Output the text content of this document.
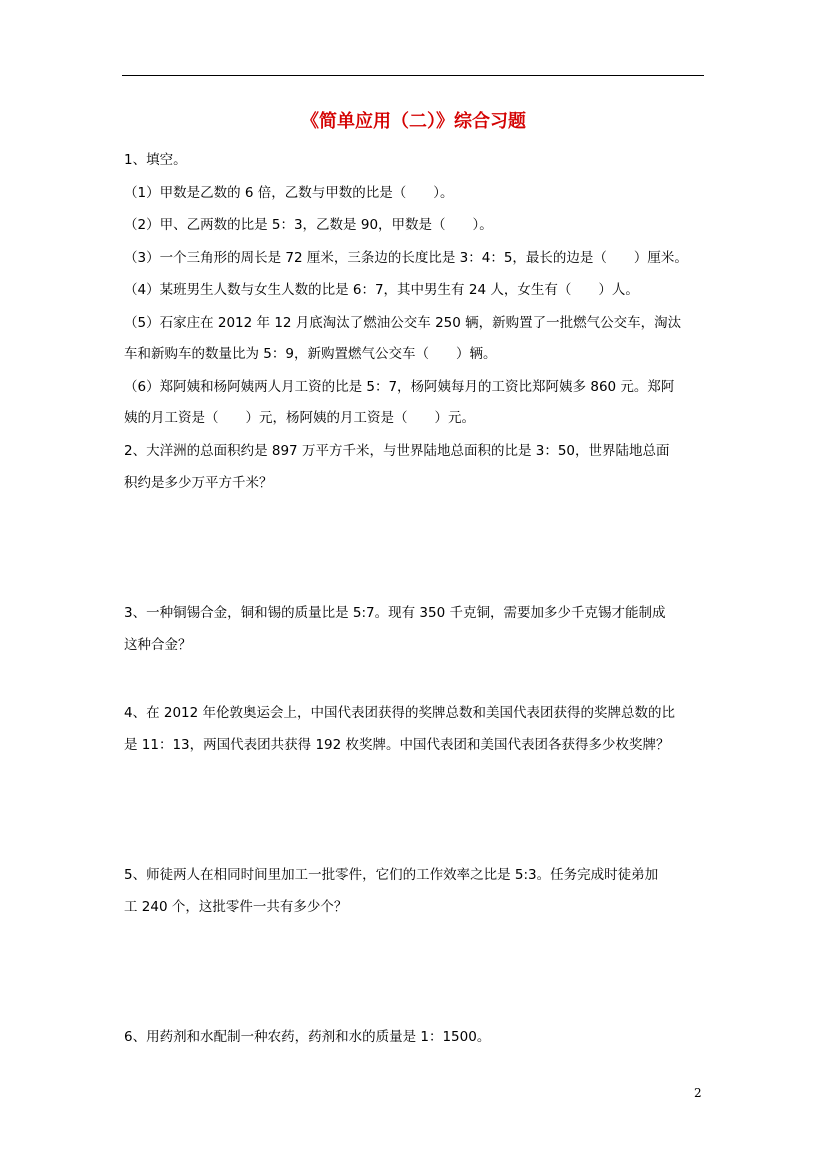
《简单应用（二）》综合习题
1、填空。
（1）甲数是乙数的 6 倍，乙数与甲数的比是（　　）。
（2）甲、乙两数的比是 5：3，乙数是 90，甲数是（　　）。
（3）一个三角形的周长是 72 厘米，三条边的长度比是 3：4：5，最长的边是（　　）厘米。
（4）某班男生人数与女生人数的比是 6：7，其中男生有 24 人，女生有（　　）人。
（5）石家庄在 2012 年 12 月底淘汰了燃油公交车 250 辆，新购置了一批燃气公交车，淘汰
车和新购车的数量比为 5：9，新购置燃气公交车（　　）辆。
（6）郑阿姨和杨阿姨两人月工资的比是 5：7，杨阿姨每月的工资比郑阿姨多 860 元。郑阿
姨的月工资是（　　）元，杨阿姨的月工资是（　　）元。
2、大洋洲的总面积约是 897 万平方千米，与世界陆地总面积的比是 3：50，世界陆地总面
积约是多少万平方千米？
3、一种铜锡合金，铜和锡的质量比是 5:7。现有 350 千克铜，需要加多少千克锡才能制成
这种合金？
4、在 2012 年伦敦奥运会上，中国代表团获得的奖牌总数和美国代表团获得的奖牌总数的比
是 11：13，两国代表团共获得 192 枚奖牌。中国代表团和美国代表团各获得多少枚奖牌？
5、师徒两人在相同时间里加工一批零件，它们的工作效率之比是 5:3。任务完成时徒弟加
工 240 个，这批零件一共有多少个？
6、用药剂和水配制一种农药，药剂和水的质量是 1：1500。
2
